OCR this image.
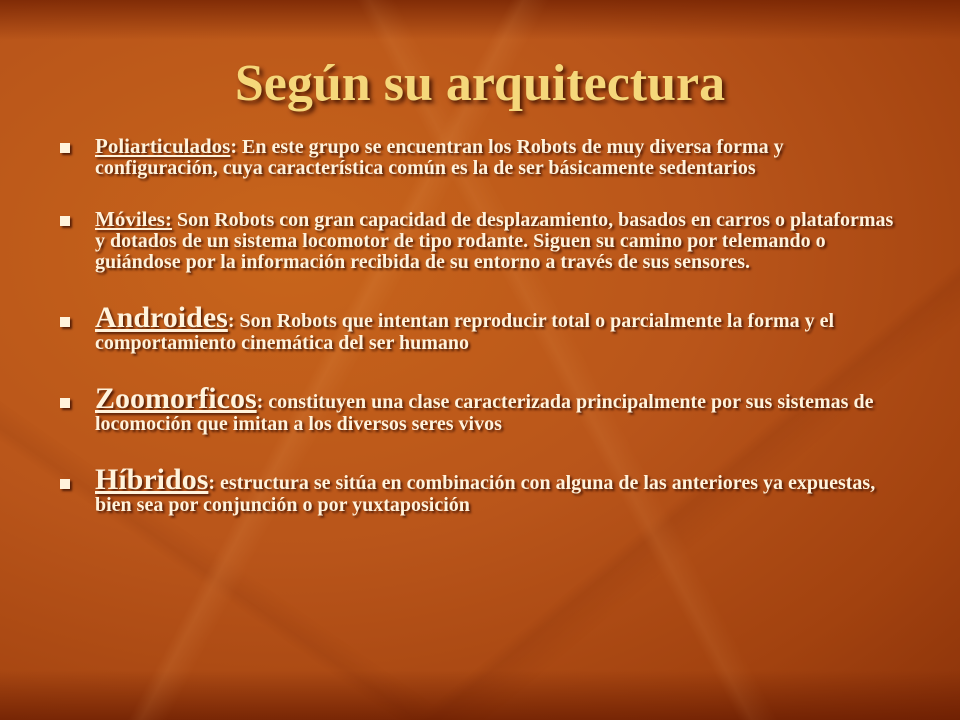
Según su arquitectura
Poliarticulados: En este grupo se encuentran los Robots de muy diversa forma y configuración, cuya característica común es la de ser básicamente sedentarios
Móviles: Son Robots con gran capacidad de desplazamiento, basados en carros o plataformas y dotados de un sistema locomotor de tipo rodante. Siguen su camino por telemando o guiándose por la información recibida de su entorno a través de sus sensores.
Androides: Son Robots que intentan reproducir total o parcialmente la forma y el comportamiento cinemática del ser humano
Zoomorficos: constituyen una clase caracterizada principalmente por sus sistemas de locomoción que imitan a los diversos seres vivos
Híbridos: estructura se sitúa en combinación con alguna de las anteriores ya expuestas, bien sea por conjunción o por yuxtaposición
